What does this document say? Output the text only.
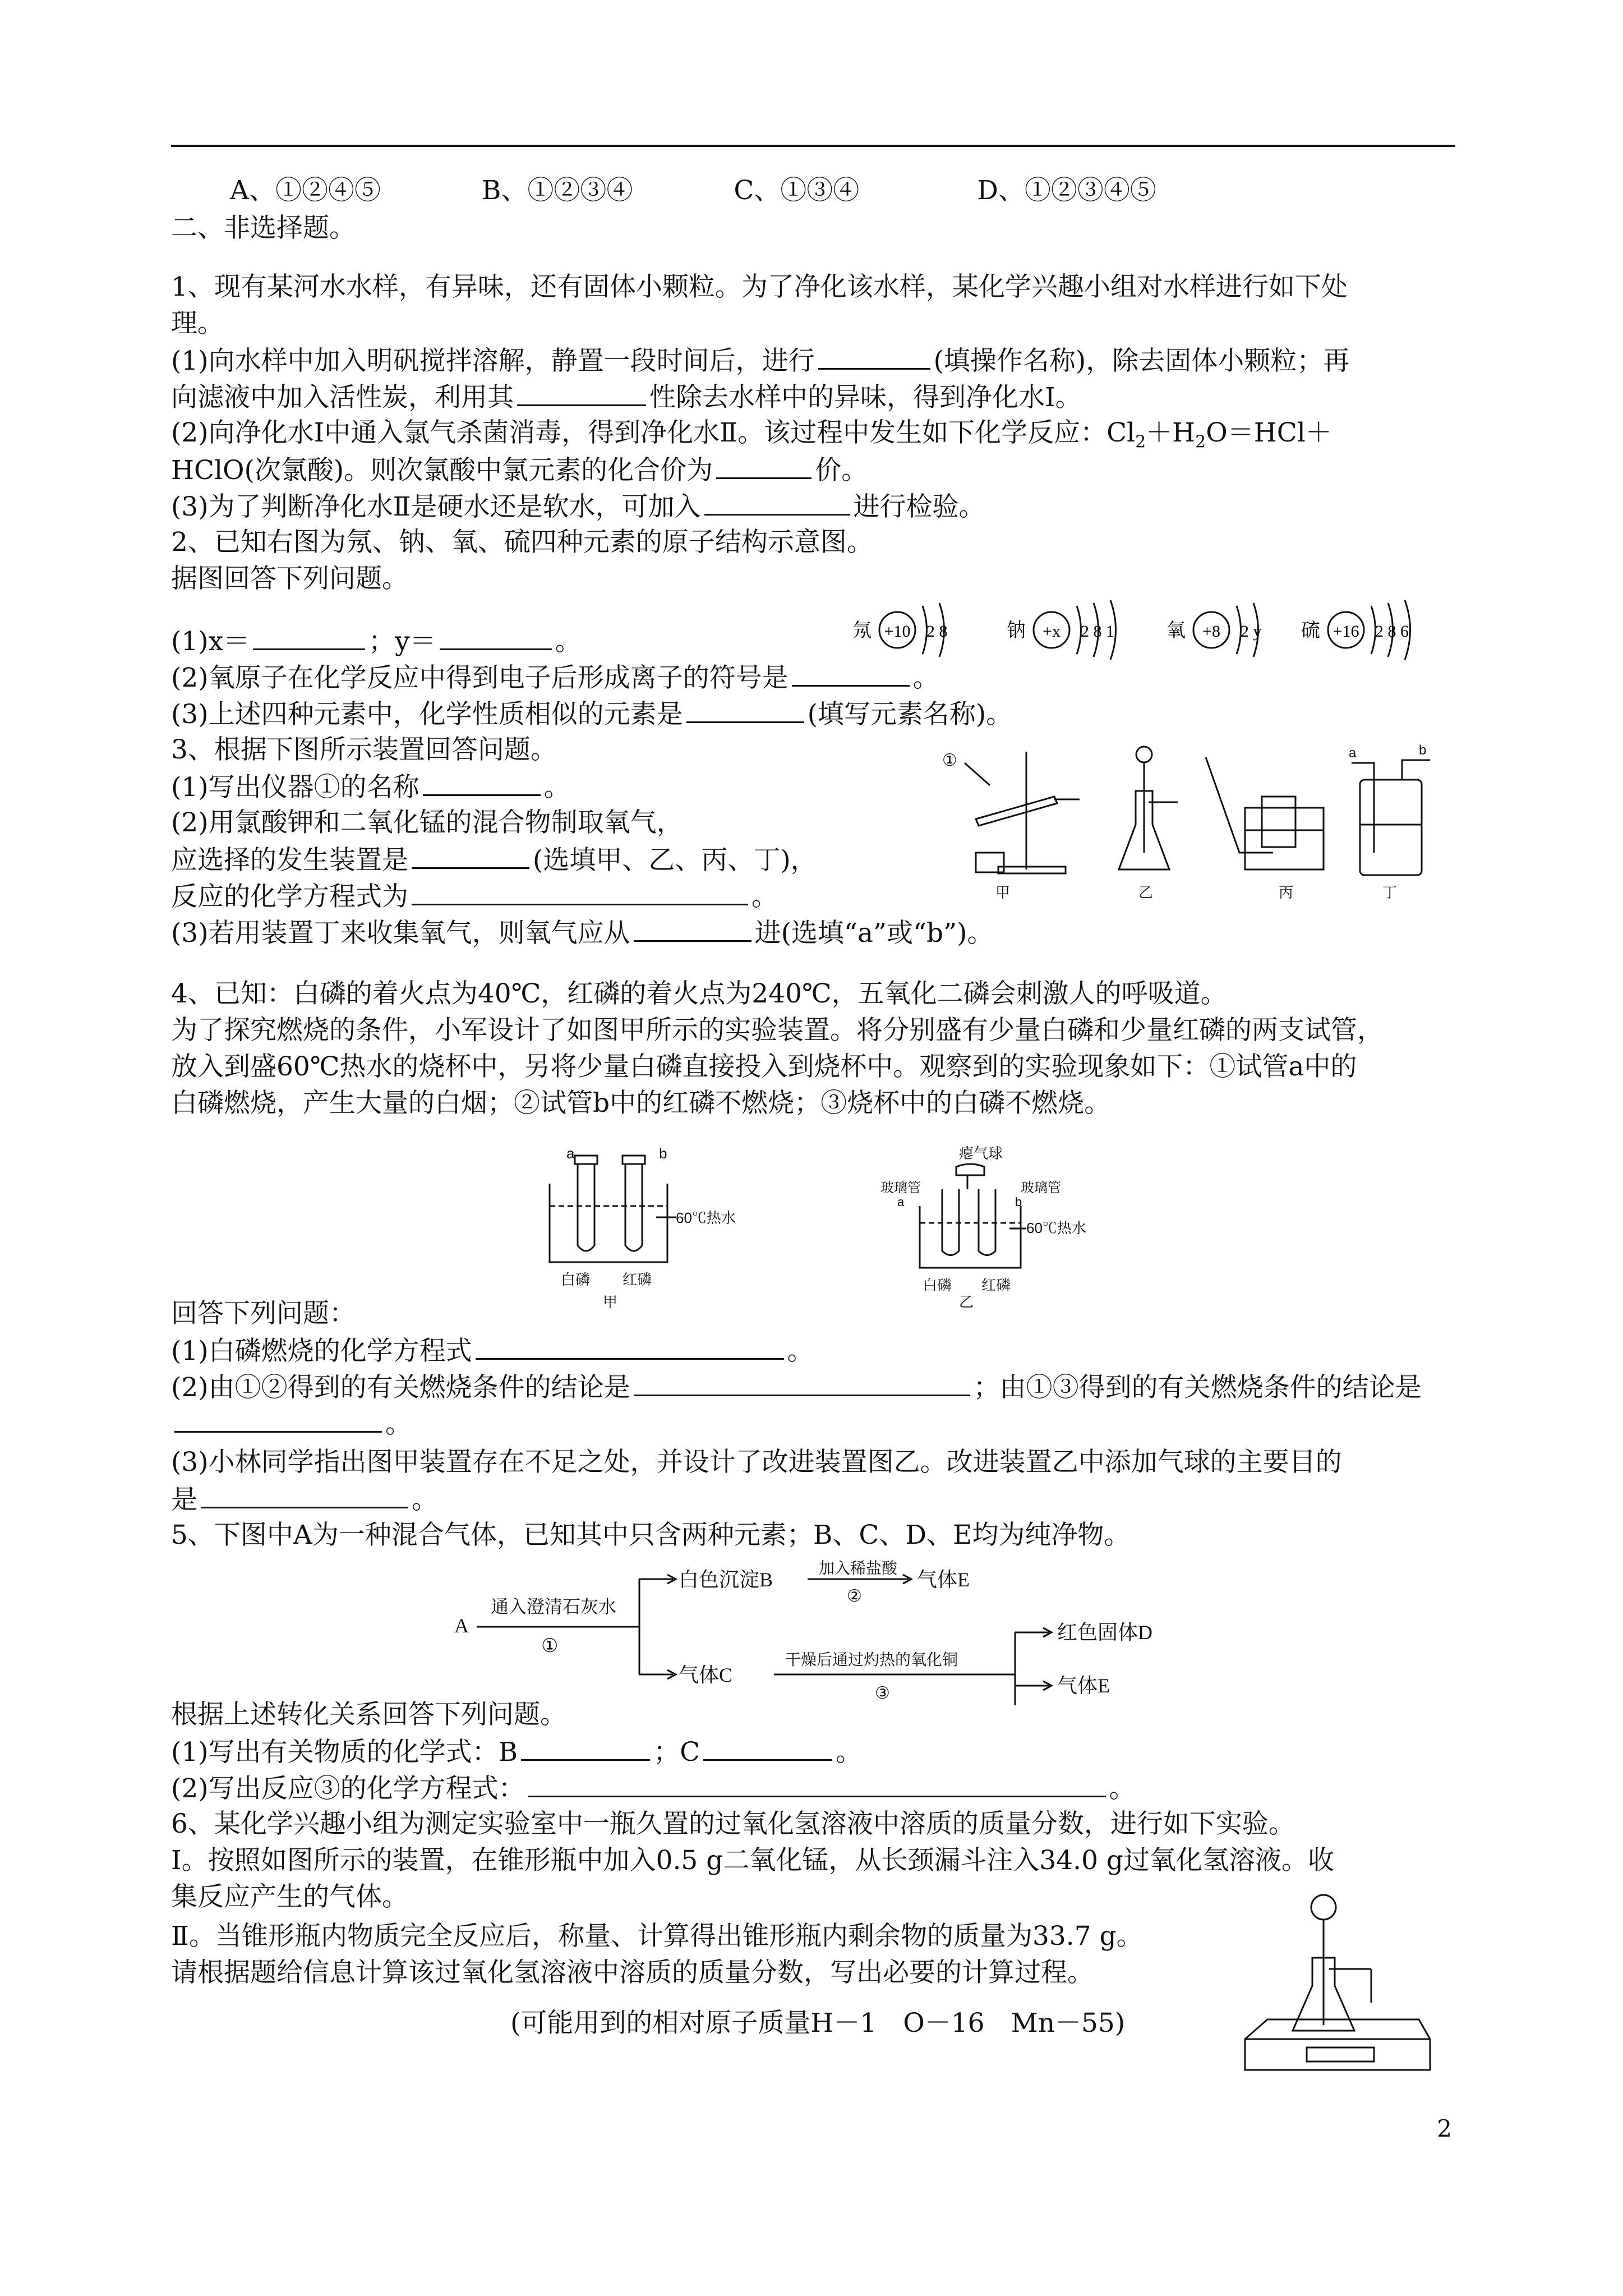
A、①②④⑤	B、①②③④	C、①③④	D、①②③④⑤
二、非选择题。
1、现有某河水水样，有异味，还有固体小颗粒。为了净化该水样，某化学兴趣小组对水样进行如下处
理。
(1)向水样中加入明矾搅拌溶解，静置一段时间后，进行	(填操作名称)，除去固体小颗粒；再
向滤液中加入活性炭，利用其	性除去水样中的异味，得到净化水Ⅰ。
(2)向净化水Ⅰ中通入氯气杀菌消毒，得到净化水Ⅱ。该过程中发生如下化学反应：$Cl_2+H_2O=HCl+$
HClO(次氯酸)。则次氯酸中氯元素的化合价为	价。
(3)为了判断净化水Ⅱ是硬水还是软水，可加入	进行检验。
2、已知右图为氖、钠、氧、硫四种元素的原子结构示意图。
据图回答下列问题。
(1)x＝	；y＝	。
(2)氧原子在化学反应中得到电子后形成离子的符号是	。
(3)上述四种元素中，化学性质相似的元素是	(填写元素名称)。
氖 +10 2 8	钠 +x 2 8 1	氧 +8 2 y 硫 +16 2 8 6
3、根据下图所示装置回答问题。
(1)写出仪器①的名称	。
(2)用氯酸钾和二氧化锰的混合物制取氧气，
应选择的发生装置是	(选填甲、乙、丙、丁)，
反应的化学方程式为	。
(3)若用装置丁来收集氧气，则氧气应从	进(选填“a”或“b”)。
①
甲	乙	丙
a	b
丁
4、已知：白磷的着火点为40℃，红磷的着火点为240℃，五氧化二磷会刺激人的呼吸道。
为了探究燃烧的条件，小军设计了如图甲所示的实验装置。将分别盛有少量白磷和少量红磷的两支试管，
放入到盛60℃热水的烧杯中，另将少量白磷直接投入到烧杯中。观察到的实验现象如下：①试管a中的
白磷燃烧，产生大量的白烟；②试管b中的红磷不燃烧；③烧杯中的白磷不燃烧。
a	b
60℃热水
白磷 红磷
甲
瘪气球
玻璃管	玻璃管
a	b
60℃热水
白磷 红磷
乙
回答下列问题：
(1)白磷燃烧的化学方程式	。
(2)由①②得到的有关燃烧条件的结论是	；由①③得到的有关燃烧条件的结论是
。
(3)小林同学指出图甲装置存在不足之处，并设计了改进装置图乙。改进装置乙中添加气球的主要目的
是	。
5、下图中A为一种混合气体，已知其中只含两种元素；B、C、D、E均为纯净物。
A
通入澄清石灰水
①
白色沉淀B	加入稀盐酸
②
气体E
气体C
干燥后通过灼热的氧化铜
③
红色固体D
气体E
根据上述转化关系回答下列问题。
(1)写出有关物质的化学式：B	；C	。
(2)写出反应③的化学方程式：	。
6、某化学兴趣小组为测定实验室中一瓶久置的过氧化氢溶液中溶质的质量分数，进行如下实验。
Ⅰ。按照如图所示的装置，在锥形瓶中加入0.5 g二氧化锰，从长颈漏斗注入34.0 g过氧化氢溶液。收
集反应产生的气体。
Ⅱ。当锥形瓶内物质完全反应后，称量、计算得出锥形瓶内剩余物的质量为33.7 g。
请根据题给信息计算该过氧化氢溶液中溶质的质量分数，写出必要的计算过程。
(可能用到的相对原子质量H－1　O－16　Mn－55)
2
